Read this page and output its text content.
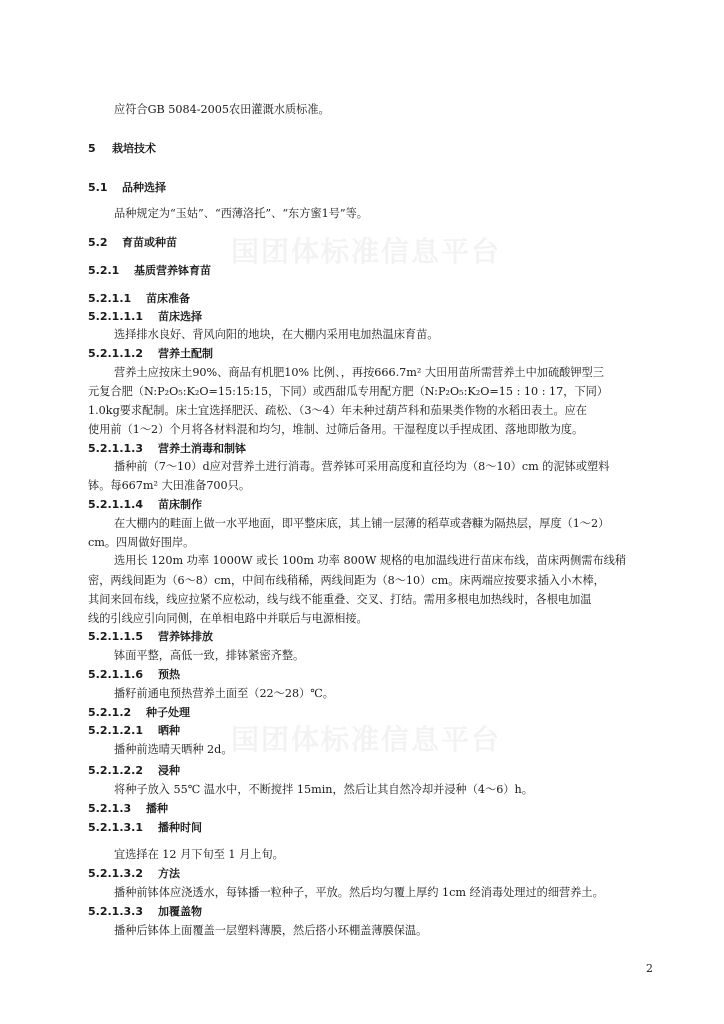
国团体标准信息平台
国团体标准信息平台
应符合GB 5084-2005农田灌溉水质标准。
5 栽培技术
5.1 品种选择
品种规定为“玉姑”、“西薄洛托”、“东方蜜1号”等。
5.2 育苗或种苗
5.2.1 基质营养钵育苗
5.2.1.1 苗床准备
5.2.1.1.1 苗床选择
选择排水良好、背风向阳的地块，在大棚内采用电加热温床育苗。
5.2.1.1.2 营养土配制
营养土应按床土90%、商品有机肥10% 比例、，再按666.7m² 大田用苗所需营养土中加硫酸钾型三
元复合肥（N:P₂O₅:K₂O=15:15:15，下同）或西甜瓜专用配方肥（N:P₂O₅:K₂O=15 : 10 : 17，下同）
1.0kg要求配制。床土宜选择肥沃、疏松、（3～4）年未种过葫芦科和茄果类作物的水稻田表土。应在
使用前（1～2）个月将各材料混和均匀，堆制、过筛后备用。干湿程度以手捏成团、落地即散为度。
5.2.1.1.3 营养土消毒和制钵
播种前（7～10）d应对营养土进行消毒。营养钵可采用高度和直径均为（8～10）cm 的泥钵或塑料
钵。每667m² 大田准备700只。
5.2.1.1.4 苗床制作
在大棚内的畦面上做一水平地面，即平整床底，其上铺一层薄的稻草或砻糠为隔热层，厚度（1～2）
cm。四周做好围岸。
选用长 120m 功率 1000W 或长 100m 功率 800W 规格的电加温线进行苗床布线，苗床两侧需布线稍
密，两线间距为（6～8）cm，中间布线稍稀，两线间距为（8～10）cm。床两端应按要求插入小木棒，
其间来回布线，线应拉紧不应松动，线与线不能重叠、交叉、打结。需用多根电加热线时，各根电加温
线的引线应引向同侧，在单相电路中并联后与电源相接。
5.2.1.1.5 营养钵排放
钵面平整，高低一致，排钵紧密齐整。
5.2.1.1.6 预热
播籽前通电预热营养土面至（22～28）℃。
5.2.1.2 种子处理
5.2.1.2.1 晒种
播种前选晴天晒种 2d。
5.2.1.2.2 浸种
将种子放入 55℃ 温水中，不断搅拌 15min，然后让其自然冷却并浸种（4～6）h。
5.2.1.3 播种
5.2.1.3.1 播种时间
宜选择在 12 月下旬至 1 月上旬。
5.2.1.3.2 方法
播种前钵体应浇透水，每钵播一粒种子，平放。然后均匀覆上厚约 1cm 经消毒处理过的细营养土。
5.2.1.3.3 加覆盖物
播种后钵体上面覆盖一层塑料薄膜，然后搭小环棚盖薄膜保温。
2
